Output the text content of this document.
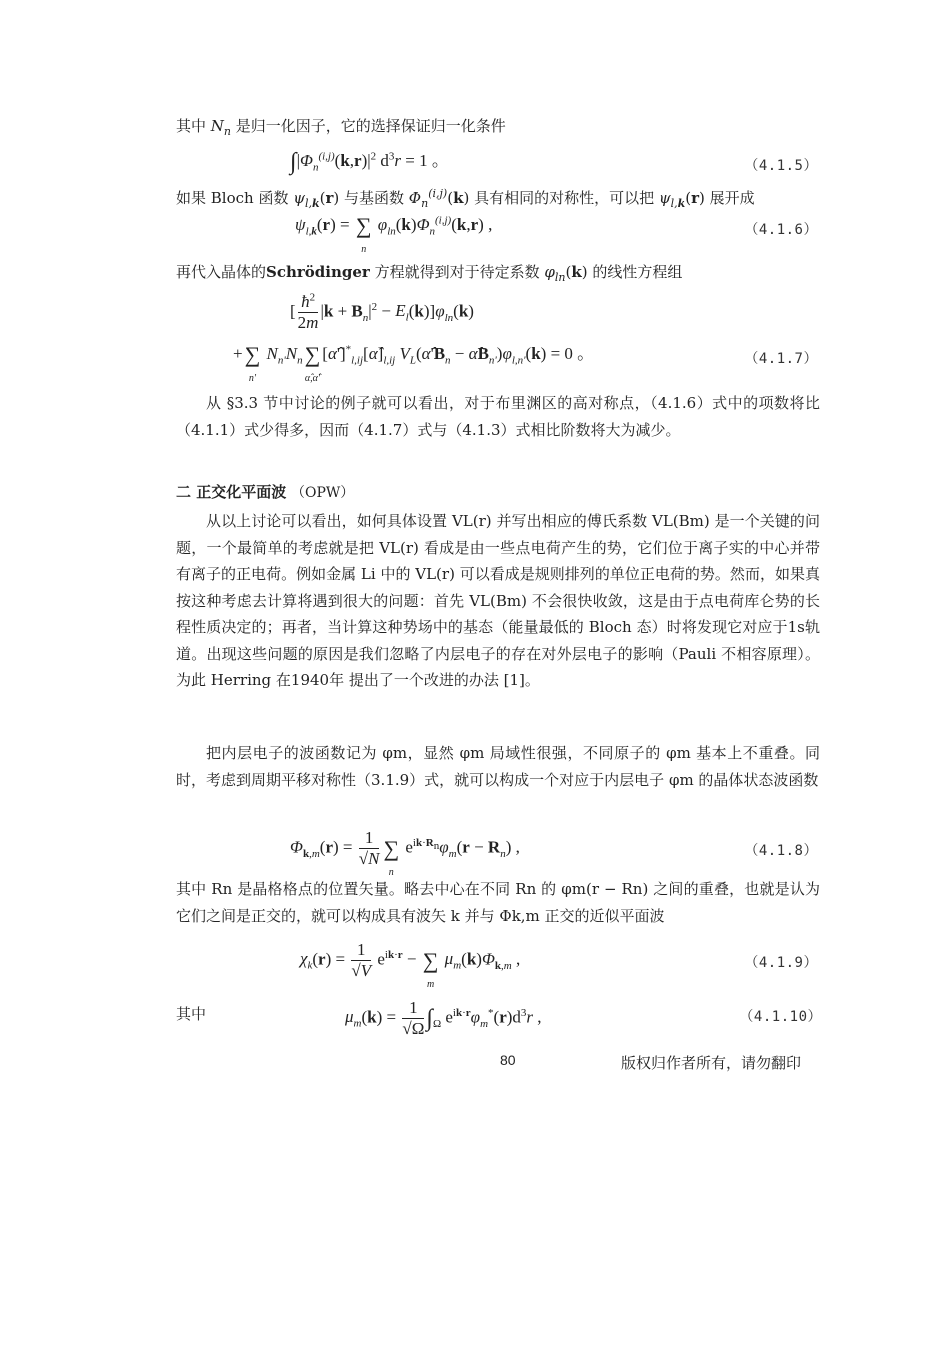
其中 $N_n$ 是归一化因子，它的选择保证归一化条件
$\int|\Phi_n^{(i,j)}(k,r)|^2$ $d^3r = 1$ 。	（4.1.5）
如果 Bloch 函数 $\psi_{l,k}(r)$ 与基函数 $\Phi_n^{(i,j)}(k)$ 具有相同的对称性，可以把 $\psi_{l,k}(r)$ 展开成
$\psi_{l,k}(r)$ = ∑
n
$\varphi_{ln}(k)\Phi_n^{(i,j)}(k,r)$ ,	（4.1.6）
再代入晶体的Schrödinger 方程就得到对于待定系数 $\varphi_{ln}(k)$ 的线性方程组
[ $\frac{ħ^2}{2m} |k + B_n|^2 - E_l(k)]\varphi_{ln}(k)$
+∑
n'
$N_{n'}N_n\sum$
α̂,α̂'
$[\alphâ']^*_{l,ij}[\alphâ]_{l,ij}$ $V_L(\alphâ'B_n$ − $\alphâB_{n'})\varphi_{l,n'}(k) = 0$ 。	（4.1.7）
从 §3.3 节中讨论的例子就可以看出，对于布里渊区的高对称点，（4.1.6）式中的项数将比（4.1.1）式少得多，因而（4.1.7）式与（4.1.3）式相比阶数将大为减少。
二 正交化平面波 （OPW）
从以上讨论可以看出，如何具体设置 VL(r) 并写出相应的傅氏系数 VL(Bm) 是一个关键的问题，一个最简单的考虑就是把 VL(r) 看成是由一些点电荷产生的势，它们位于离子实的中心并带有离子的正电荷。例如金属 Li 中的 VL(r) 可以看成是规则排列的单位正电荷的势。然而，如果真按这种考虑去计算将遇到很大的问题：首先 VL(Bm) 不会很快收敛，这是由于点电荷库仑势的长程性质决定的；再者，当计算这种势场中的基态（能量最低的 Bloch 态）时将发现它对应于1s轨道。出现这些问题的原因是我们忽略了内层电子的存在对外层电子的影响（Pauli 不相容原理）。为此 Herring 在1940年 提出了一个改进的办法 [1]。
把内层电子的波函数记为 φm，显然 φm 局域性很强，不同原子的 φm 基本上不重叠。同时，考虑到周期平移对称性（3.1.9）式，就可以构成一个对应于内层电子 φm 的晶体状态波函数
$\Phi_{k,m}(r) = \frac{1}{√N}$ ∑
n
$e^{ik\cdot R_n}\varphi_m(r - R_n)$ ,	（4.1.8）
其中 Rn 是晶格格点的位置矢量。略去中心在不同 Rn 的 φm(r − Rn) 之间的重叠，也就是认为它们之间是正交的，就可以构成具有波矢 k 并与 Φk,m 正交的近似平面波
$\chi_k(r) = \frac{1}{√V} e^{ik\cdot r}$ − ∑
m
$\mu_m(k)\Phi_{k,m}$ ,	（4.1.9）
其中	$\mu_m(k) = \frac{1}{√\Omega} \int_\Omega$ $e^{ik\cdot r}\varphi_m^*(r)d^3r$ ,	（4.1.10）
80	版权归作者所有，请勿翻印
